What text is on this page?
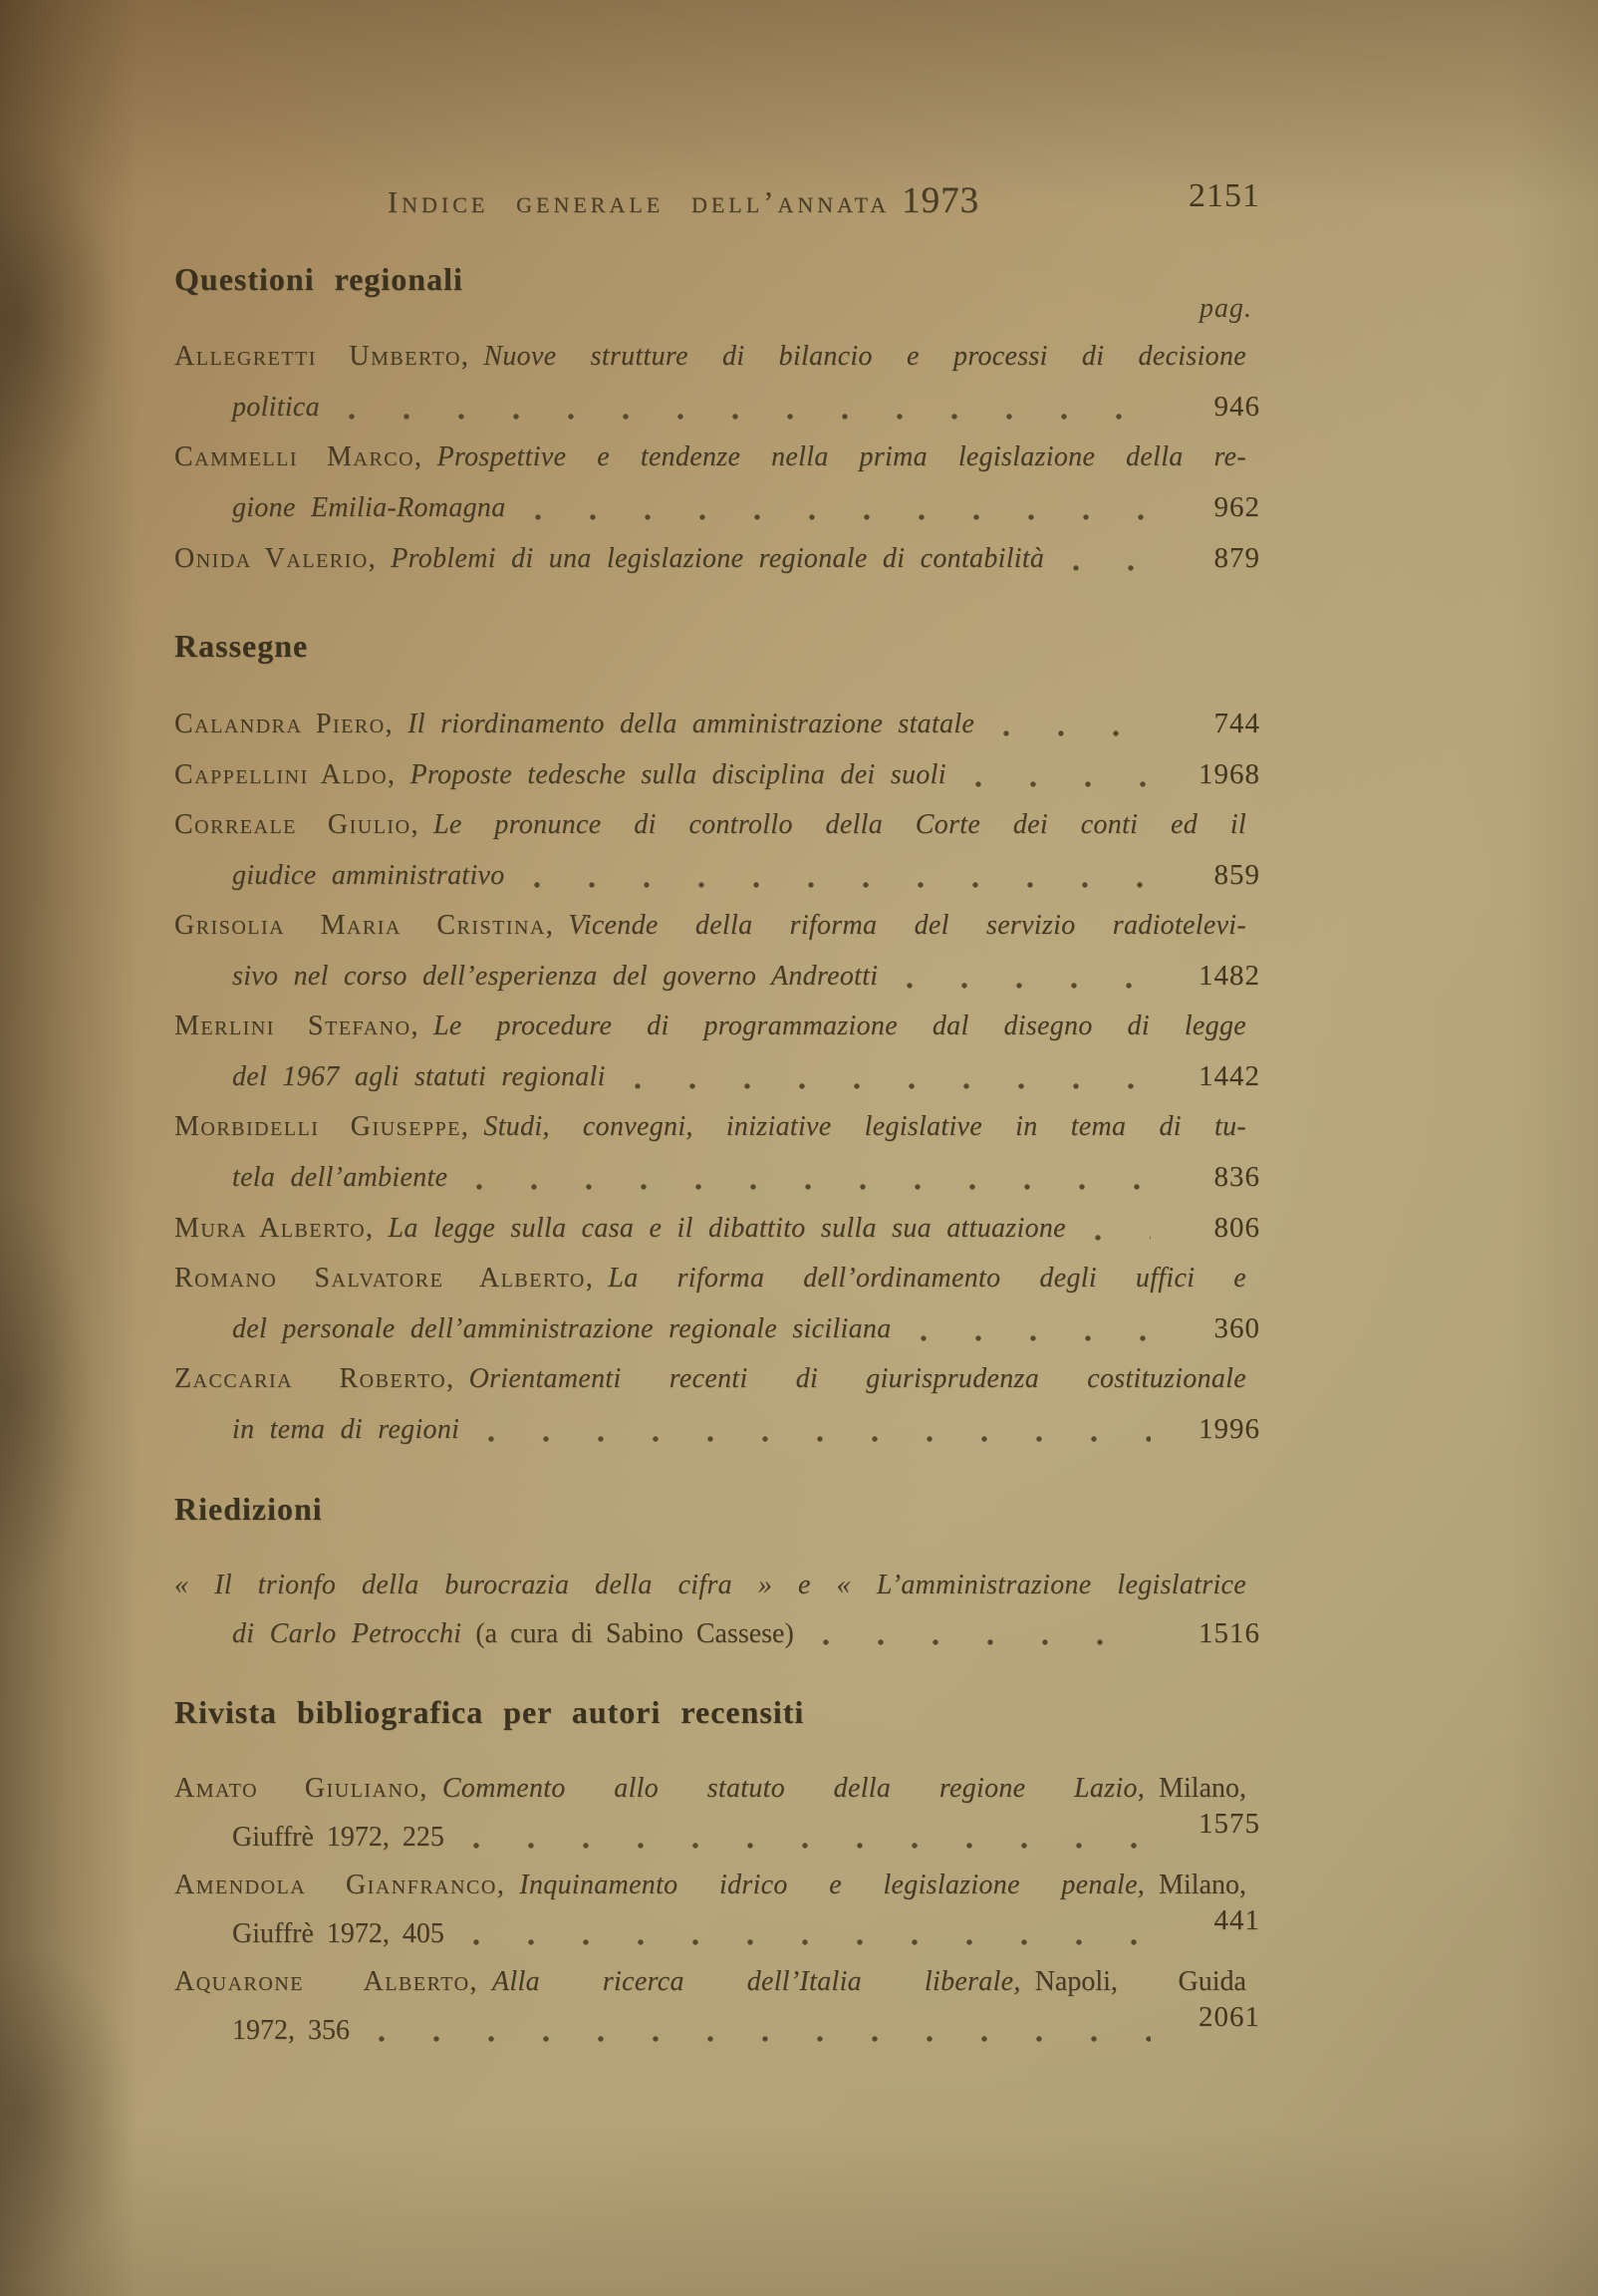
Indice generale dell’annata 1973	2151
pag.
Questioni regionali
Allegretti Umberto, Nuove strutture di bilancio e processi di decisione
politica	946
Cammelli Marco, Prospettive e tendenze nella prima legislazione della re-
gione Emilia-Romagna	962
Onida Valerio, Problemi di una legislazione regionale di contabilità	879
Rassegne
Calandra Piero, Il riordinamento della amministrazione statale	744
Cappellini Aldo, Proposte tedesche sulla disciplina dei suoli	1968
Correale Giulio, Le pronunce di controllo della Corte dei conti ed il
giudice amministrativo	859
Grisolia Maria Cristina, Vicende della riforma del servizio radiotelevi-
sivo nel corso dell’esperienza del governo Andreotti	1482
Merlini Stefano, Le procedure di programmazione dal disegno di legge
del 1967 agli statuti regionali	1442
Morbidelli Giuseppe, Studi, convegni, iniziative legislative in tema di tu-
tela dell’ambiente	836
Mura Alberto, La legge sulla casa e il dibattito sulla sua attuazione	806
Romano Salvatore Alberto, La riforma dell’ordinamento degli uffici e
del personale dell’amministrazione regionale siciliana	360
Zaccaria Roberto, Orientamenti recenti di giurisprudenza costituzionale
in tema di regioni	1996
Riedizioni
« Il trionfo della burocrazia della cifra » e « L’amministrazione legislatrice
di Carlo Petrocchi (a cura di Sabino Cassese)	1516
Rivista bibliografica per autori recensiti
Amato Giuliano, Commento allo statuto della regione Lazio, Milano,
Giuffrè 1972, 225	1575
Amendola Gianfranco, Inquinamento idrico e legislazione penale, Milano,
Giuffrè 1972, 405	441
Aquarone Alberto, Alla ricerca dell’Italia liberale, Napoli, Guida
1972, 356	2061
